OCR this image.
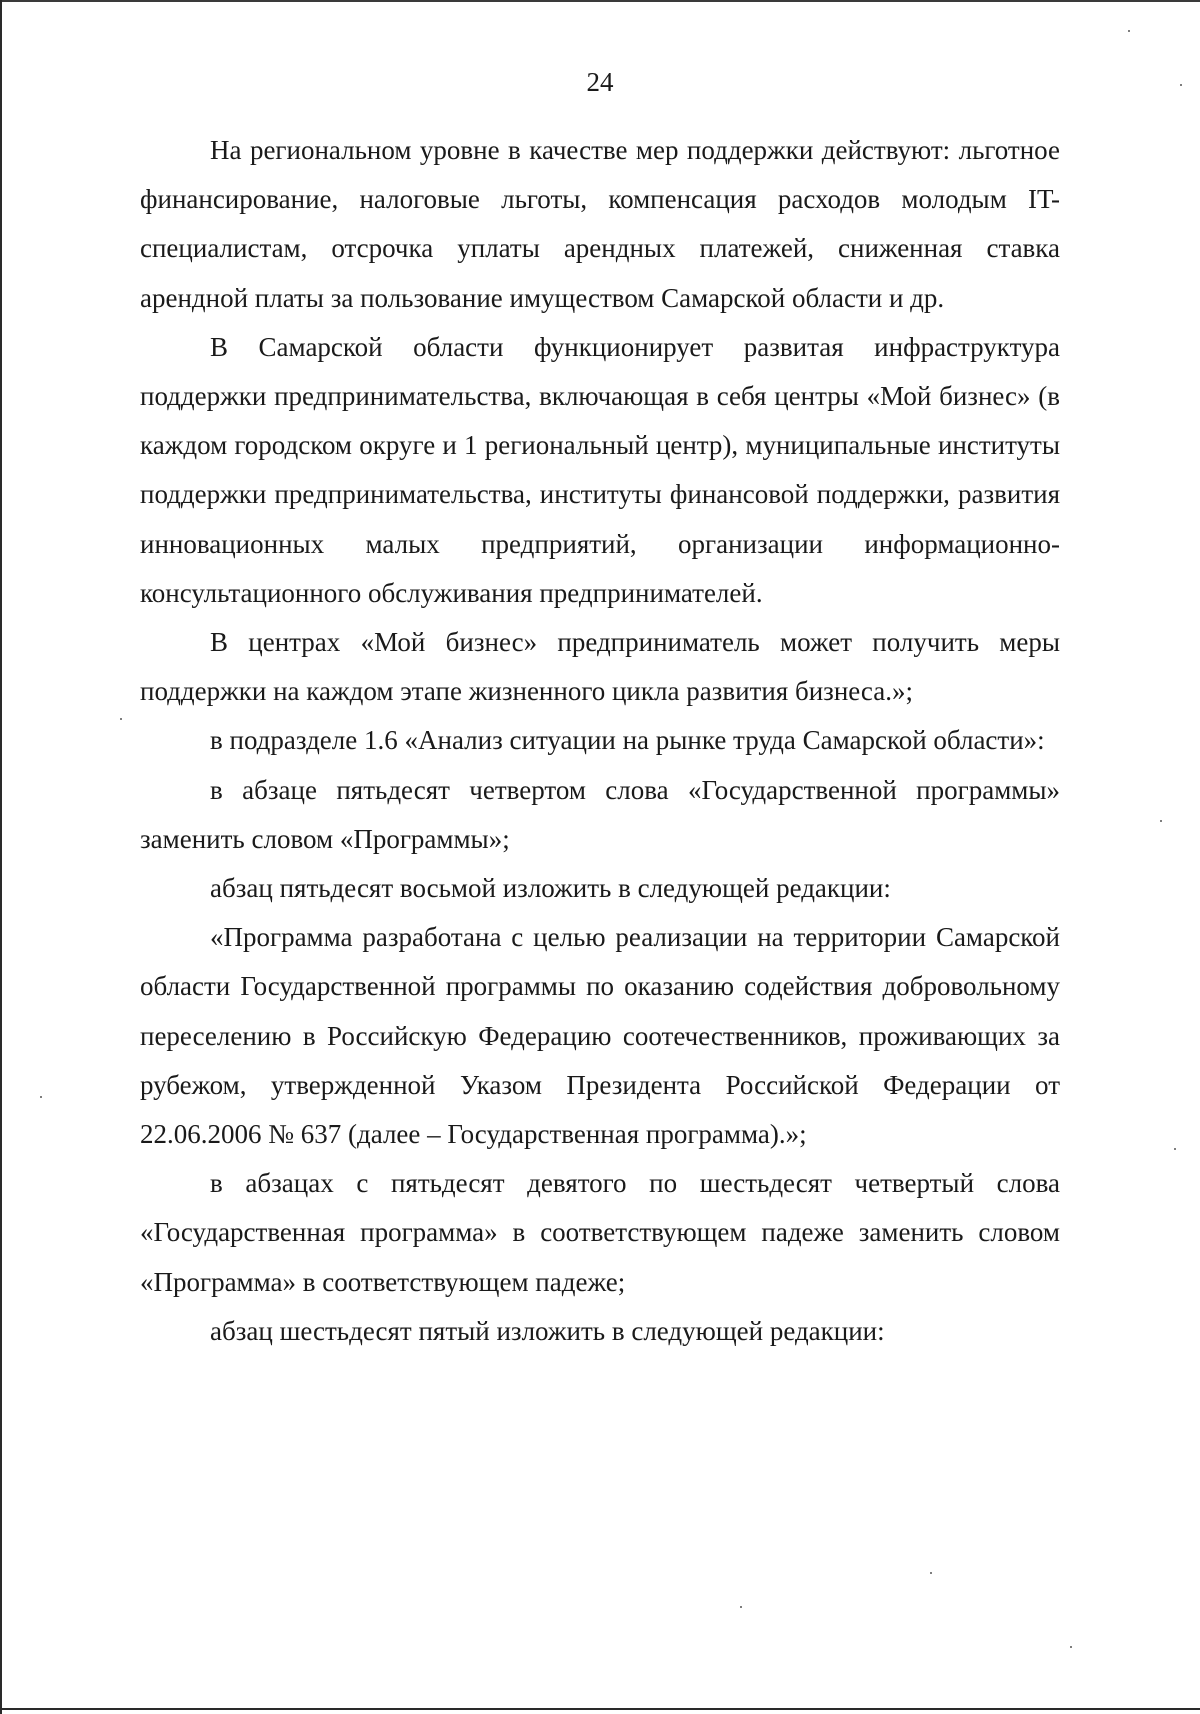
24

На региональном уровне в качестве мер поддержки действуют: льготное финансирование, налоговые льготы, компенсация расходов молодым IT-специалистам, отсрочка уплаты арендных платежей, сниженная ставка арендной платы за пользование имуществом Самарской области и др.

В Самарской области функционирует развитая инфраструктура поддержки предпринимательства, включающая в себя центры «Мой бизнес» (в каждом городском округе и 1 региональный центр), муниципальные институты поддержки предпринимательства, институты финансовой поддержки, развития инновационных малых предприятий, организации информационно-консультационного обслуживания предпринимателей.

В центрах «Мой бизнес» предприниматель может получить меры поддержки на каждом этапе жизненного цикла развития бизнеса.»;

в подразделе 1.6 «Анализ ситуации на рынке труда Самарской области»:

в абзаце пятьдесят четвертом слова «Государственной программы» заменить словом «Программы»;

абзац пятьдесят восьмой изложить в следующей редакции:

«Программа разработана с целью реализации на территории Самарской области Государственной программы по оказанию содействия добровольному переселению в Российскую Федерацию соотечественников, проживающих за рубежом, утвержденной Указом Президента Российской Федерации от 22.06.2006 № 637 (далее – Государственная программа).»;

в абзацах с пятьдесят девятого по шестьдесят четвертый слова «Государственная программа» в соответствующем падеже заменить словом «Программа» в соответствующем падеже;

абзац шестьдесят пятый изложить в следующей редакции:
